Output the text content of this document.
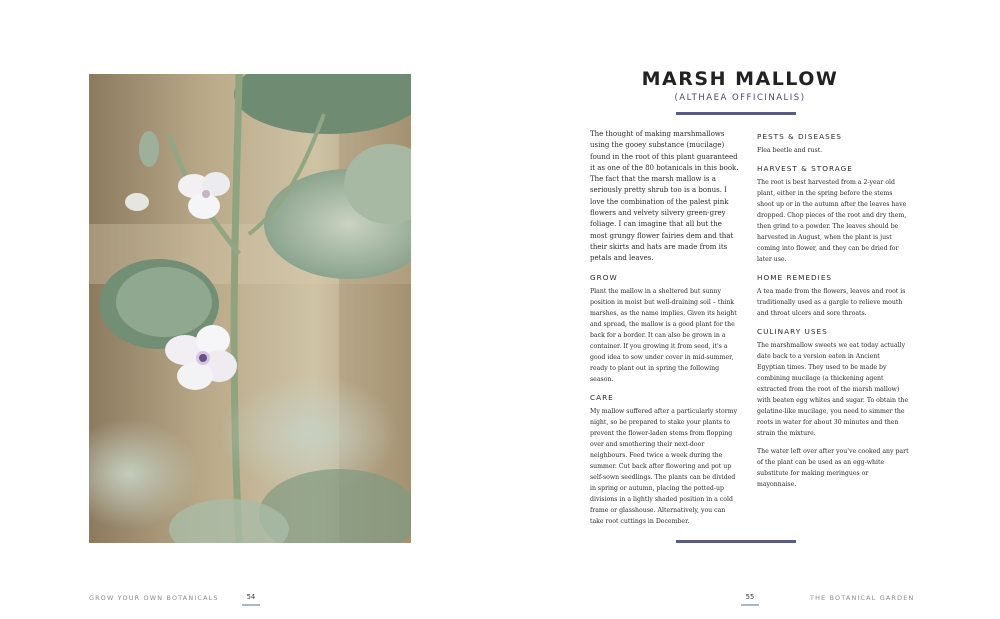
GROW YOUR OWN BOTANICALS	54
MARSH MALLOW
(ALTHAEA OFFICINALIS)

The thought of making marshmallows using the gooey substance (mucilage) found in the root of this plant guaranteed it as one of the 80 botanicals in this book. The fact that the marsh mallow is a seriously pretty shrub too is a bonus. I love the combination of the palest pink flowers and velvety silvery green-grey foliage. I can imagine that all but the most grungy flower fairies dem and that their skirts and hats are made from its petals and leaves.

GROW

Plant the mallow in a sheltered but sunny position in moist but well-draining soil – think marshes, as the name implies. Given its height and spread, the mallow is a good plant for the back for a border. It can also be grown in a container. If you growing it from seed, it's a good idea to sow under cover in mid-summer, ready to plant out in spring the following season.

CARE

My mallow suffered after a particularly stormy night, so be prepared to stake your plants to prevent the flower-laden stems from flopping over and smothering their next-door neighbours. Feed twice a week during the summer. Cut back after flowering and pot up self-sown seedlings. The plants can be divided in spring or autumn, placing the potted-up divisions in a lightly shaded position in a cold frame or glasshouse. Alternatively, you can take root cuttings in December.

PESTS & DISEASES

Flea beetle and rust.

HARVEST & STORAGE

The root is best harvested from a 2-year old plant, either in the spring before the stems shoot up or in the autumn after the leaves have dropped. Chop pieces of the root and dry them, then grind to a powder. The leaves should be harvested in August, when the plant is just coming into flower, and they can be dried for later use.

HOME REMEDIES

A tea made from the flowers, leaves and root is traditionally used as a gargle to relieve mouth and throat ulcers and sore throats.

CULINARY USES

The marshmallow sweets we eat today actually date back to a version eaten in Ancient Egyptian times. They used to be made by combining mucilage (a thickening agent extracted from the root of the marsh mallow) with beaten egg whites and sugar. To obtain the gelatine-like mucilage, you need to simmer the roots in water for about 30 minutes and then strain the mixture.

The water left over after you've cooked any part of the plant can be used as an egg-white substitute for making meringues or mayonnaise.

55	THE BOTANICAL GARDEN
